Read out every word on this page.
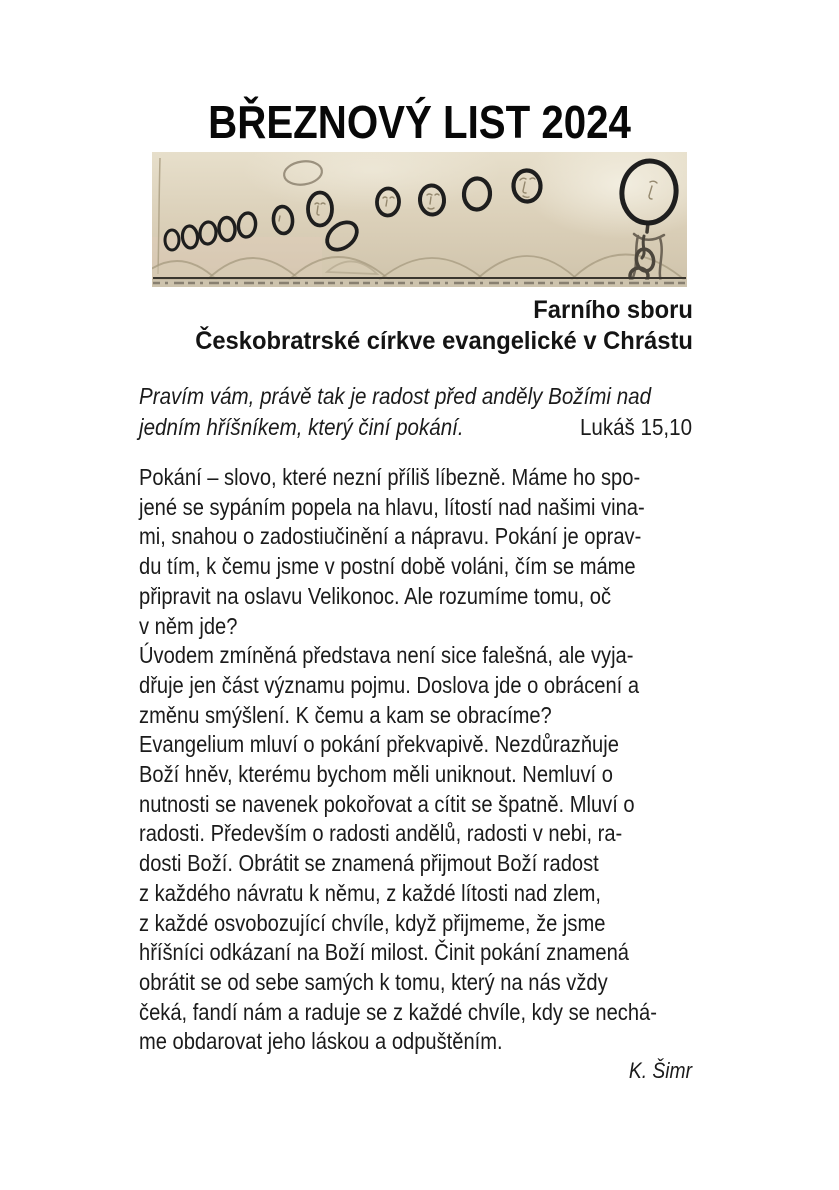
BŘEZNOVÝ LIST 2024
Farního sboru
Českobratrské církve evangelické v Chrástu
Pravím vám, právě tak je radost před anděly Božími nad
jedním hříšníkem, který činí pokání.	Lukáš 15,10
Pokání – slovo, které nezní příliš líbezně. Máme ho spo-
jené se sypáním popela na hlavu, lítostí nad našimi vina-
mi, snahou o zadostiučinění a nápravu. Pokání je oprav-
du tím, k čemu jsme v postní době voláni, čím se máme
připravit na oslavu Velikonoc. Ale rozumíme tomu, oč
v něm jde?
Úvodem zmíněná představa není sice falešná, ale vyja-
dřuje jen část významu pojmu. Doslova jde o obrácení a
změnu smýšlení. K čemu a kam se obracíme?
Evangelium mluví o pokání překvapivě. Nezdůrazňuje
Boží hněv, kterému bychom měli uniknout. Nemluví o
nutnosti se navenek pokořovat a cítit se špatně. Mluví o
radosti. Především o radosti andělů, radosti v nebi, ra-
dosti Boží. Obrátit se znamená přijmout Boží radost
z každého návratu k němu, z každé lítosti nad zlem,
z každé osvobozující chvíle, když přijmeme, že jsme
hříšníci odkázaní na Boží milost. Činit pokání znamená
obrátit se od sebe samých k tomu, který na nás vždy
čeká, fandí nám a raduje se z každé chvíle, kdy se nechá-
me obdarovat jeho láskou a odpuštěním.
K. Šimr
